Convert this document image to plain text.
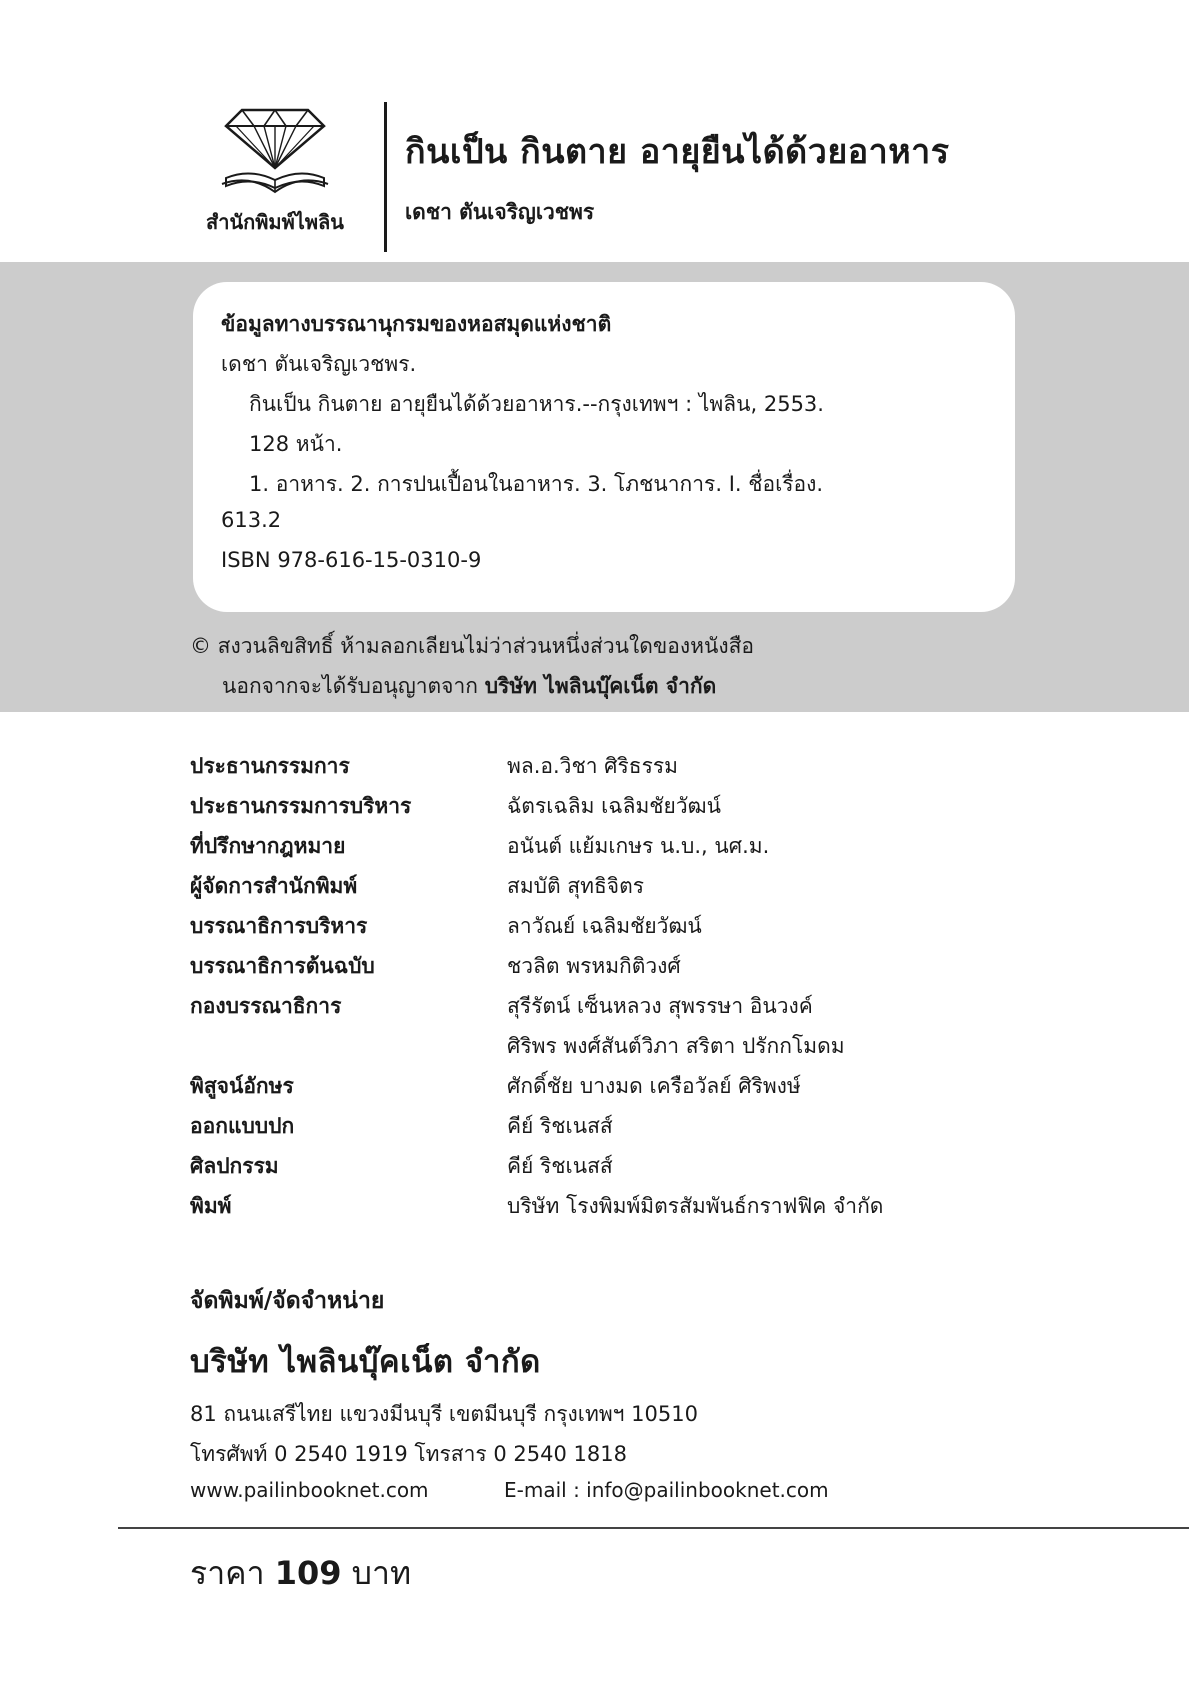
สำนักพิมพ์ไพลิน
กินเป็น กินตาย อายุยืนได้ด้วยอาหาร
เดชา ตันเจริญเวชพร
ข้อมูลทางบรรณานุกรมของหอสมุดแห่งชาติ
เดชา ตันเจริญเวชพร.
กินเป็น กินตาย อายุยืนได้ด้วยอาหาร.--กรุงเทพฯ : ไพลิน, 2553.
128 หน้า.
1. อาหาร. 2. การปนเปื้อนในอาหาร. 3. โภชนาการ. I. ชื่อเรื่อง.
613.2
ISBN 978-616-15-0310-9
© สงวนลิขสิทธิ์ ห้ามลอกเลียนไม่ว่าส่วนหนึ่งส่วนใดของหนังสือ
นอกจากจะได้รับอนุญาตจาก บริษัท ไพลินบุ๊คเน็ต จำกัด
ประธานกรรมการ	พล.อ.วิชา ศิริธรรม
ประธานกรรมการบริหาร	ฉัตรเฉลิม เฉลิมชัยวัฒน์
ที่ปรึกษากฎหมาย	อนันต์ แย้มเกษร น.บ., นศ.ม.
ผู้จัดการสำนักพิมพ์	สมบัติ สุทธิจิตร
บรรณาธิการบริหาร	ลาวัณย์ เฉลิมชัยวัฒน์
บรรณาธิการต้นฉบับ	ชวลิต พรหมกิติวงศ์
กองบรรณาธิการ	สุรีรัตน์ เซ็นหลวง สุพรรษา อินวงค์
ศิริพร พงศ์สันต์วิภา สริตา ปรักกโมดม
พิสูจน์อักษร	ศักดิ์ชัย บางมด เครือวัลย์ ศิริพงษ์
ออกแบบปก	คีย์ ริชเนสส์
ศิลปกรรม	คีย์ ริชเนสส์
พิมพ์	บริษัท โรงพิมพ์มิตรสัมพันธ์กราฟฟิค จำกัด
จัดพิมพ์/จัดจำหน่าย
บริษัท ไพลินบุ๊คเน็ต จำกัด
81 ถนนเสรีไทย แขวงมีนบุรี เขตมีนบุรี กรุงเทพฯ 10510
โทรศัพท์ 0 2540 1919 โทรสาร 0 2540 1818
www.pailinbooknet.com	E-mail : info@pailinbooknet.com
ราคา 109 บาท
